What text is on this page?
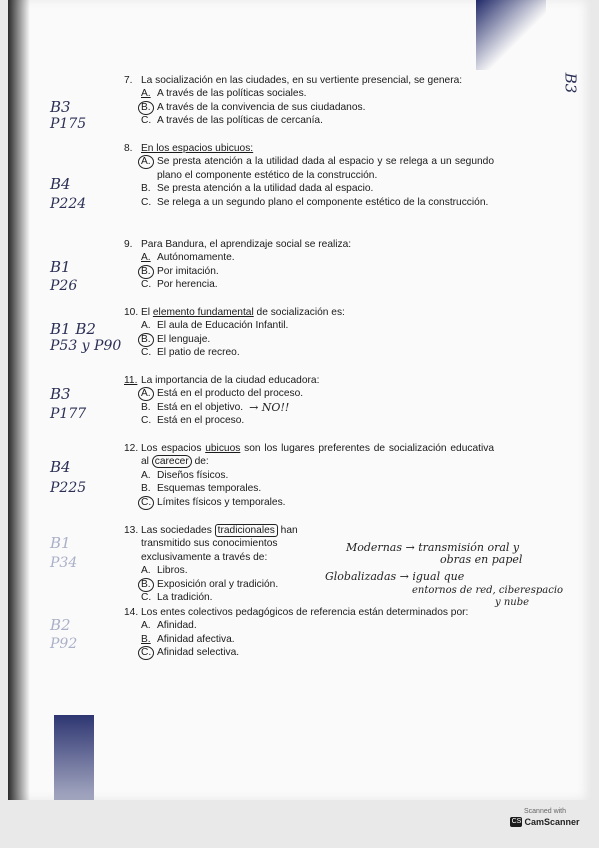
B3
7. La socialización en las ciudades, en su vertiente presencial, se genera:
A. A través de las políticas sociales.
B. A través de la convivencia de sus ciudadanos.
C. A través de las políticas de cercanía.
8. En los espacios ubicuos:
A. Se presta atención a la utilidad dada al espacio y se relega a un segundo plano el componente estético de la construcción.
B. Se presta atención a la utilidad dada al espacio.
C. Se relega a un segundo plano el componente estético de la construcción.
9. Para Bandura, el aprendizaje social se realiza:
A. Autónomamente.
B. Por imitación.
C. Por herencia.
10. El elemento fundamental de socialización es:
A. El aula de Educación Infantil.
B. El lenguaje.
C. El patio de recreo.
11. La importancia de la ciudad educadora:
A. Está en el producto del proceso.
B. Está en el objetivo. → NO!!
C. Está en el proceso.
12. Los espacios ubicuos son los lugares preferentes de socialización educativa al carecer de:
A. Diseños físicos.
B. Esquemas temporales.
C. Límites físicos y temporales.
13. Las sociedades tradicionales han transmitido sus conocimientos exclusivamente a través de:
A. Libros.
B. Exposición oral y tradición.
C. La tradición.
14. Los entes colectivos pedagógicos de referencia están determinados por:
A. Afinidad.
B. Afinidad afectiva.
C. Afinidad selectiva.
B3
P175
B4
P224
B1
P26
B1 B2
P53 y P90
B3
P177
B4
P225
B1
P34
B2
P92
Modernas → transmisión oral y
obras en papel
Globalizadas → igual que
entornos de red, ciberespacio
y nube
Scanned with
CS CamScanner
